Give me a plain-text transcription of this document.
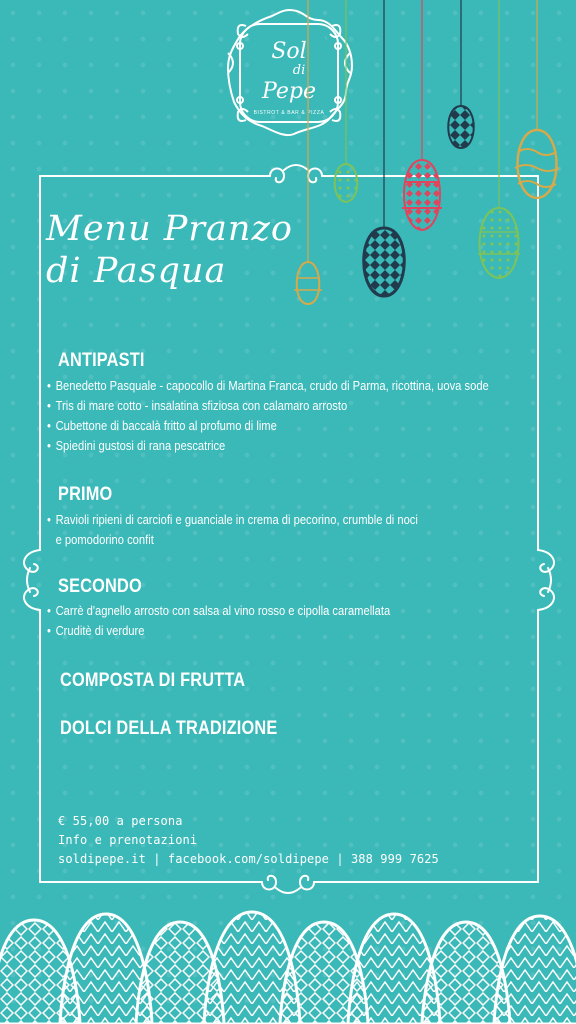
Sol
di
Pepe
BISTROT & BAR & PIZZA
Menu Pranzo
di Pasqua
ANTIPASTI
• Benedetto Pasquale - capocollo di Martina Franca, crudo di Parma, ricottina, uova sode
• Tris di mare cotto - insalatina sfiziosa con calamaro arrosto
• Cubettone di baccalà fritto al profumo di lime
• Spiedini gustosi di rana pescatrice
PRIMO
• Ravioli ripieni di carciofi e guanciale in crema di pecorino, crumble di noci
e pomodorino confit
SECONDO
• Carrè d'agnello arrosto con salsa al vino rosso e cipolla caramellata
• Cruditè di verdure
COMPOSTA DI FRUTTA
DOLCI DELLA TRADIZIONE
€ 55,00 a persona
Info e prenotazioni
soldipepe.it | facebook.com/soldipepe | 388 999 7625
